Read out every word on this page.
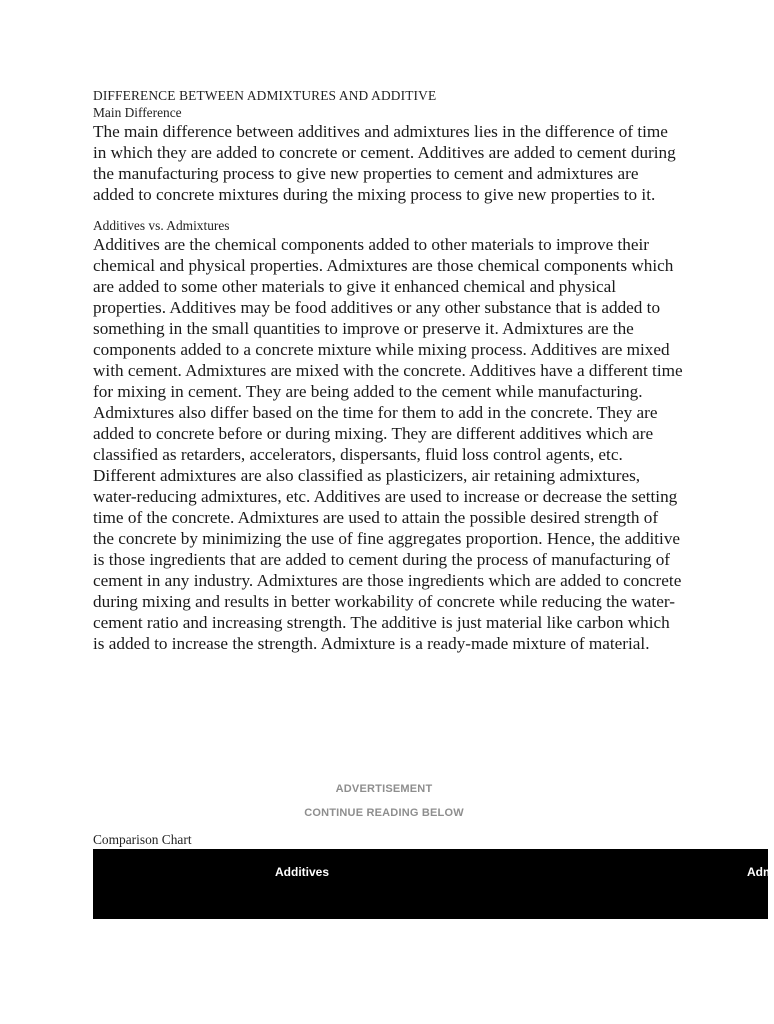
DIFFERENCE BETWEEN ADMIXTURES AND ADDITIVE

Main Difference

The main difference between additives and admixtures lies in the difference of time in which they are added to concrete or cement. Additives are added to cement during the manufacturing process to give new properties to cement and admixtures are added to concrete mixtures during the mixing process to give new properties to it.

Additives vs. Admixtures

Additives are the chemical components added to other materials to improve their chemical and physical properties. Admixtures are those chemical components which are added to some other materials to give it enhanced chemical and physical properties. Additives may be food additives or any other substance that is added to something in the small quantities to improve or preserve it. Admixtures are the components added to a concrete mixture while mixing process. Additives are mixed with cement. Admixtures are mixed with the concrete. Additives have a different time for mixing in cement. They are being added to the cement while manufacturing. Admixtures also differ based on the time for them to add in the concrete. They are added to concrete before or during mixing. They are different additives which are classified as retarders, accelerators, dispersants, fluid loss control agents, etc. Different admixtures are also classified as plasticizers, air retaining admixtures, water-reducing admixtures, etc. Additives are used to increase or decrease the setting time of the concrete. Admixtures are used to attain the possible desired strength of the concrete by minimizing the use of fine aggregates proportion. Hence, the additive is those ingredients that are added to cement during the process of manufacturing of cement in any industry. Admixtures are those ingredients which are added to concrete during mixing and results in better workability of concrete while reducing the water-cement ratio and increasing strength. The additive is just material like carbon which is added to increase the strength. Admixture is a ready-made mixture of material.

ADVERTISEMENT
CONTINUE READING BELOW
Comparison Chart
Additives	Adm
